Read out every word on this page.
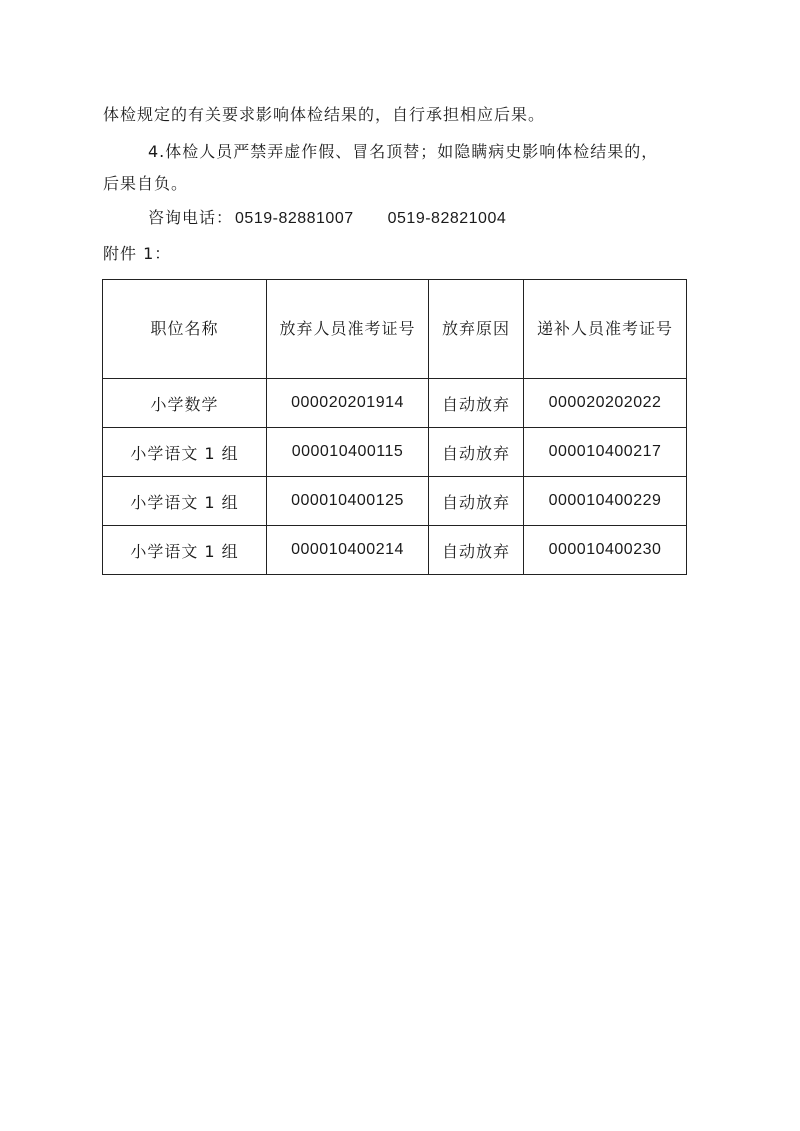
体检规定的有关要求影响体检结果的，自行承担相应后果。
4.体检人员严禁弄虚作假、冒名顶替；如隐瞒病史影响体检结果的，
后果自负。
咨询电话： 0519-82881007 0519-82821004
附件 1：
职位名称	放弃人员准考证号	放弃原因	递补人员准考证号

小学数学	000020201914	自动放弃	000020202022
小学语文 1 组	000010400115	自动放弃	000010400217
小学语文 1 组	000010400125	自动放弃	000010400229
小学语文 1 组	000010400214	自动放弃	000010400230
